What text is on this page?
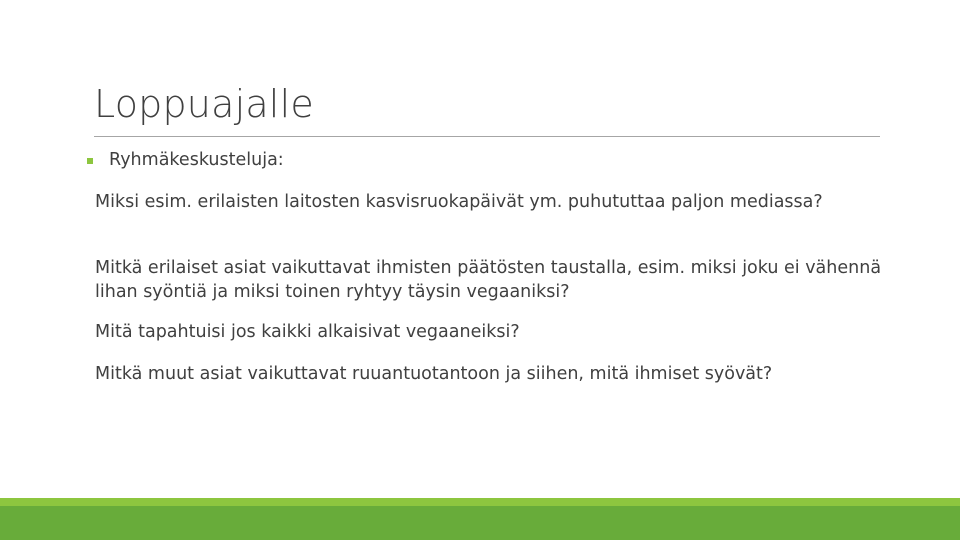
Loppuajalle
Ryhmäkeskusteluja:
Miksi esim. erilaisten laitosten kasvisruokapäivät ym. puhututtaa paljon mediassa?
Mitkä erilaiset asiat vaikuttavat ihmisten päätösten taustalla, esim. miksi joku ei vähennä lihan syöntiä ja miksi toinen ryhtyy täysin vegaaniksi?
Mitä tapahtuisi jos kaikki alkaisivat vegaaneiksi?
Mitkä muut asiat vaikuttavat ruuantuotantoon ja siihen, mitä ihmiset syövät?
